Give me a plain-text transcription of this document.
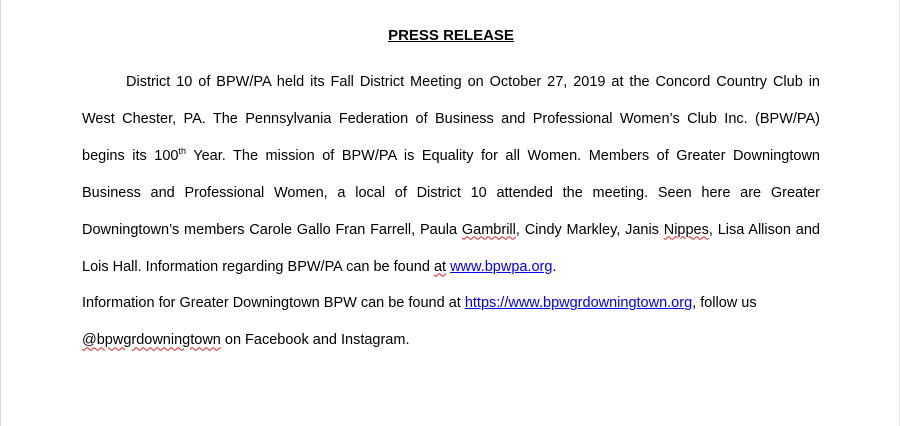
PRESS RELEASE

District 10 of BPW/PA held its Fall District Meeting on October 27, 2019 at the Concord Country Club in West Chester, PA. The Pennsylvania Federation of Business and Professional Women’s Club Inc. (BPW/PA) begins its 100th Year. The mission of BPW/PA is Equality for all Women. Members of Greater Downingtown Business and Professional Women, a local of District 10 attended the meeting. Seen here are Greater Downingtown’s members Carole Gallo Fran Farrell, Paula Gambrill, Cindy Markley, Janis Nippes, Lisa Allison and Lois Hall. Information regarding BPW/PA can be found at www.bpwpa.org.

Information for Greater Downingtown BPW can be found at https://www.bpwgrdowningtown.org, follow us @bpwgrdowningtown on Facebook and Instagram.
